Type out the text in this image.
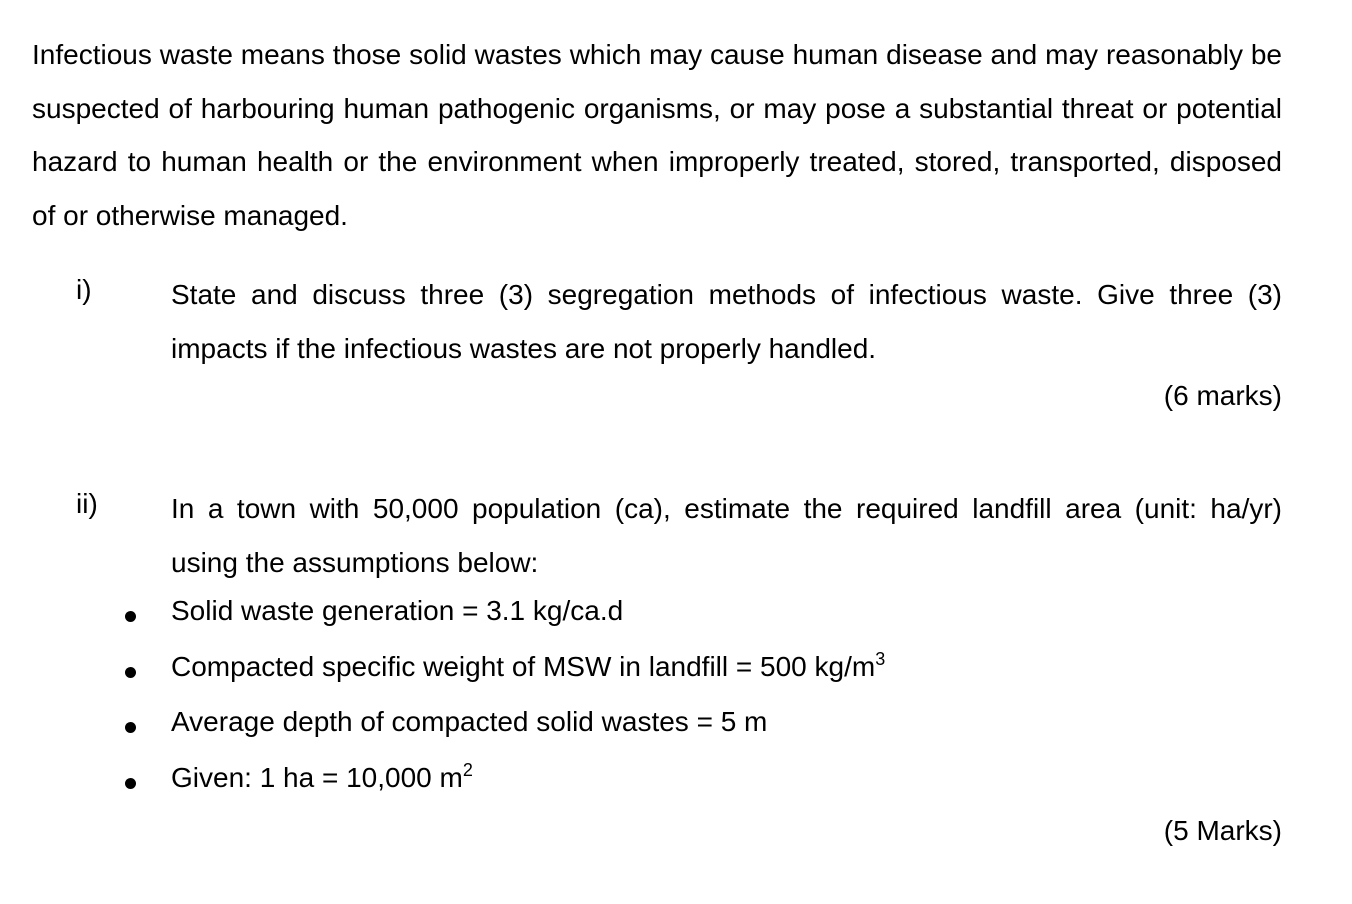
Infectious waste means those solid wastes which may cause human disease and may reasonably be suspected of harbouring human pathogenic organisms, or may pose a substantial threat or potential hazard to human health or the environment when improperly treated, stored, transported, disposed of or otherwise managed.
i)	State and discuss three (3) segregation methods of infectious waste. Give three (3) impacts if the infectious wastes are not properly handled.
(6 marks)
ii)	In a town with 50,000 population (ca), estimate the required landfill area (unit: ha/yr) using the assumptions below:
Solid waste generation = 3.1 kg/ca.d
Compacted specific weight of MSW in landfill = 500 $kg/m^3$
Average depth of compacted solid wastes = 5 m
Given: 1 ha = 10,000 $m^2$
(5 Marks)
